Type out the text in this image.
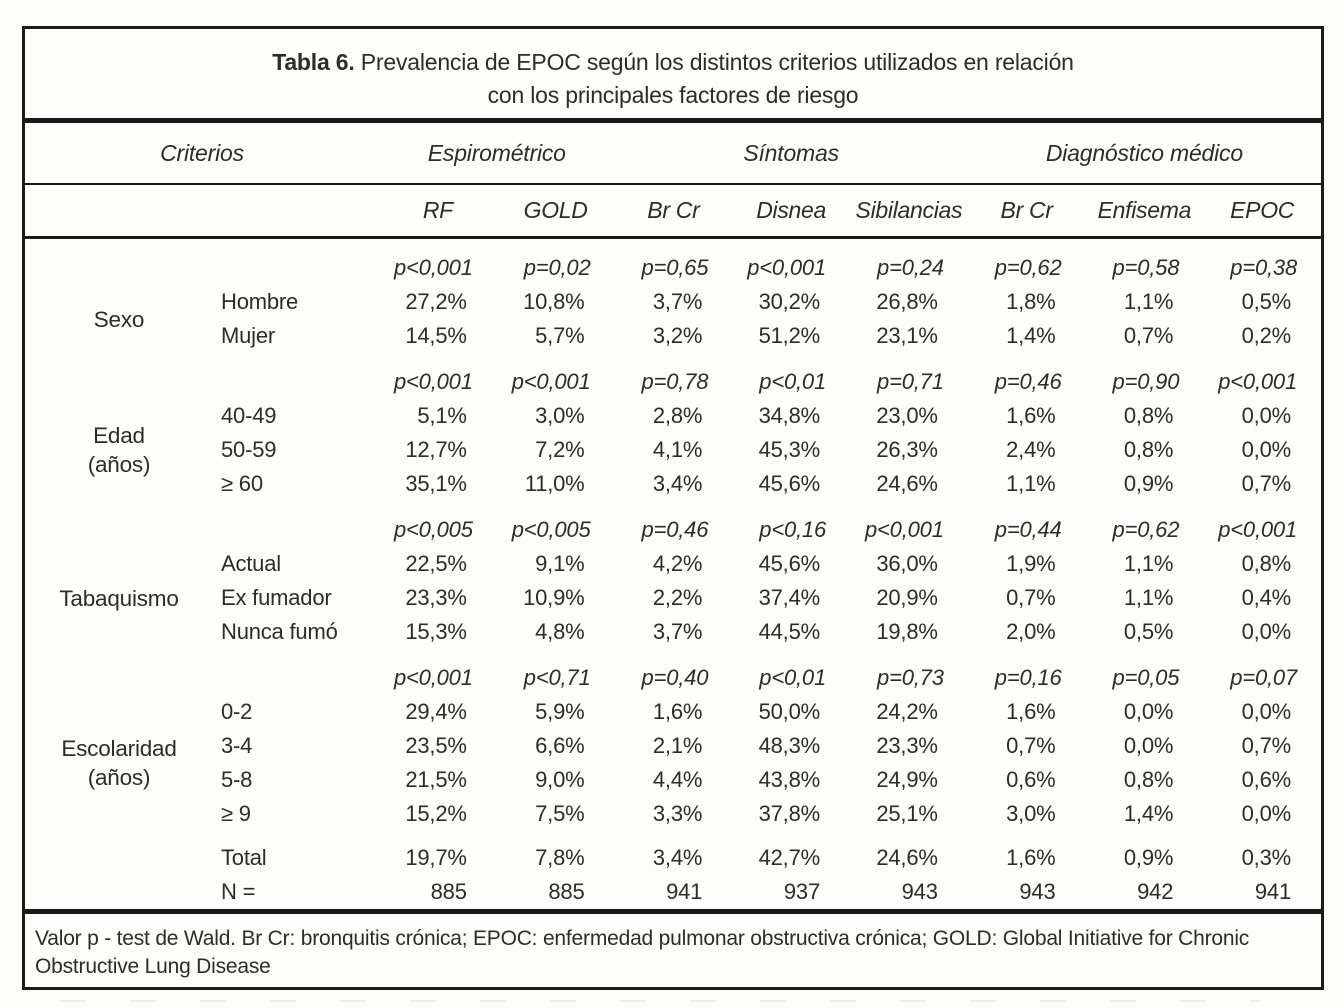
Tabla 6. Prevalencia de EPOC según los distintos criterios utilizados en relación
con los principales factores de riesgo
Criterios	Espirométrico	Síntomas	Diagnóstico médico
RF	GOLD	Br Cr	Disnea	Sibilancias	Br Cr	Enfisema	EPOC
Sexo
p<0,001	p=0,02	p=0,65	p<0,001	p=0,24	p=0,62	p=0,58	p=0,38
Hombre	27,2%	10,8%	3,7%	30,2%	26,8%	1,8%	1,1%	0,5%
Mujer	14,5%	5,7%	3,2%	51,2%	23,1%	1,4%	0,7%	0,2%
Edad
(años)
p<0,001	p<0,001	p=0,78	p<0,01	p=0,71	p=0,46	p=0,90	p<0,001
40-49	5,1%	3,0%	2,8%	34,8%	23,0%	1,6%	0,8%	0,0%
50-59	12,7%	7,2%	4,1%	45,3%	26,3%	2,4%	0,8%	0,0%
≥ 60	35,1%	11,0%	3,4%	45,6%	24,6%	1,1%	0,9%	0,7%
Tabaquismo
p<0,005	p<0,005	p=0,46	p<0,16	p<0,001	p=0,44	p=0,62	p<0,001
Actual	22,5%	9,1%	4,2%	45,6%	36,0%	1,9%	1,1%	0,8%
Ex fumador	23,3%	10,9%	2,2%	37,4%	20,9%	0,7%	1,1%	0,4%
Nunca fumó	15,3%	4,8%	3,7%	44,5%	19,8%	2,0%	0,5%	0,0%
Escolaridad
(años)
p<0,001	p<0,71	p=0,40	p<0,01	p=0,73	p=0,16	p=0,05	p=0,07
0-2	29,4%	5,9%	1,6%	50,0%	24,2%	1,6%	0,0%	0,0%
3-4	23,5%	6,6%	2,1%	48,3%	23,3%	0,7%	0,0%	0,7%
5-8	21,5%	9,0%	4,4%	43,8%	24,9%	0,6%	0,8%	0,6%
≥ 9	15,2%	7,5%	3,3%	37,8%	25,1%	3,0%	1,4%	0,0%
Total	19,7%	7,8%	3,4%	42,7%	24,6%	1,6%	0,9%	0,3%
N =	885	885	941	937	943	943	942	941
Valor p - test de Wald. Br Cr: bronquitis crónica; EPOC: enfermedad pulmonar obstructiva crónica; GOLD: Global Initiative for Chronic Obstructive Lung Disease
